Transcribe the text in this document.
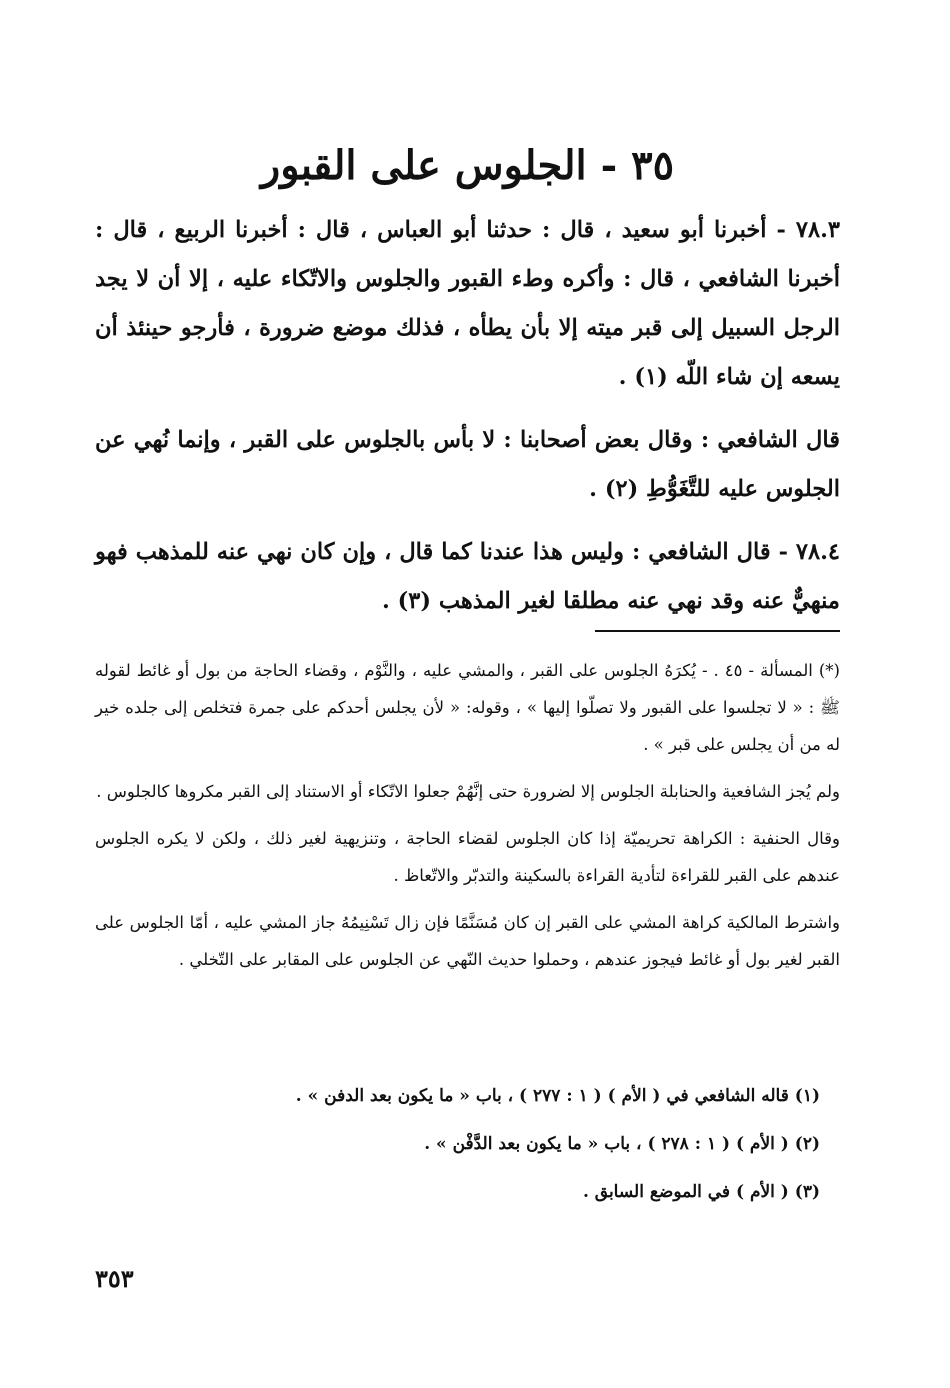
٣٥ - الجلوس على القبور

٧٨.٣ - أخبرنا أبو سعيد ، قال : حدثنا أبو العباس ، قال : أخبرنا الربيع ، قال : أخبرنا الشافعي ، قال : وأكره وطء القبور والجلوس والاتّكاء عليه ، إلا أن لا يجد الرجل السبيل إلى قبر ميته إلا بأن يطأه ، فذلك موضع ضرورة ، فأرجو حينئذ أن يسعه إن شاء اللّه (١) .

قال الشافعي : وقال بعض أصحابنا : لا بأس بالجلوس على القبر ، وإنما نُهي عن الجلوس عليه للتَّغَوُّطِ (٢) .

٧٨.٤ - قال الشافعي : وليس هذا عندنا كما قال ، وإن كان نهي عنه للمذهب فهو منهيٌّ عنه وقد نهي عنه مطلقا لغير المذهب (٣) .

(*) المسألة - ٤٥ . - يُكرَهُ الجلوس على القبر ، والمشي عليه ، والنَّوْم ، وقضاء الحاجة من بول أو غائط لقوله ﷺ : « لا تجلسوا على القبور ولا تصلّوا إليها » ، وقوله: « لأن يجلس أحدكم على جمرة فتخلص إلى جلده خير له من أن يجلس على قبر » .

ولم يُجز الشافعية والحنابلة الجلوس إلا لضرورة حتى إنَّهُمْ جعلوا الاتّكاء أو الاستناد إلى القبر مكروها كالجلوس .

وقال الحنفية : الكراهة تحريميّة إذا كان الجلوس لقضاء الحاجة ، وتنزيهية لغير ذلك ، ولكن لا يكره الجلوس عندهم على القبر للقراءة لتأدية القراءة بالسكينة والتدبّر والاتّعاظ .

واشترط المالكية كراهة المشي على القبر إن كان مُسَنَّمًا فإن زال تَسْنِيمُهُ جاز المشي عليه ، أمّا الجلوس على القبر لغير بول أو غائط فيجوز عندهم ، وحملوا حديث النّهي عن الجلوس على المقابر على التّخلي .

(١) قاله الشافعي في ( الأم ) ( ١ : ٢٧٧ ) ، باب « ما يكون بعد الدفن » .

(٢) ( الأم ) ( ١ : ٢٧٨ ) ، باب « ما يكون بعد الدَّفْن » .

(٣) ( الأم ) في الموضع السابق .

٣٥٣
